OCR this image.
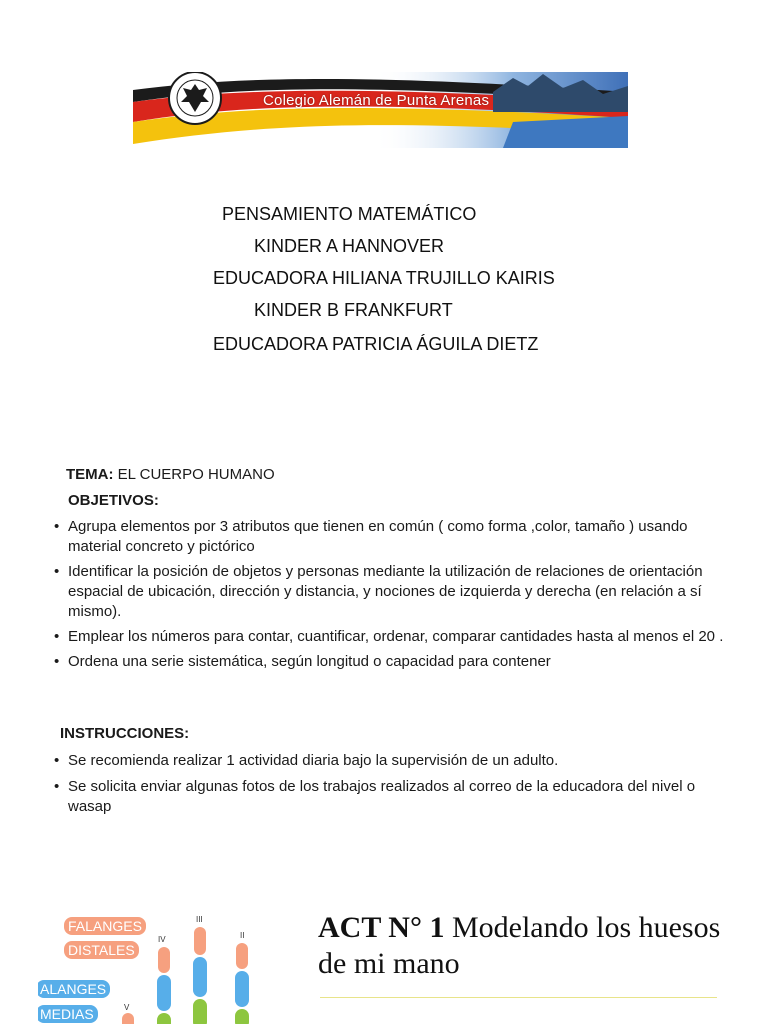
Colegio Alemán de Punta Arenas
PENSAMIENTO MATEMÁTICO
KINDER A HANNOVER
EDUCADORA HILIANA TRUJILLO KAIRIS
KINDER B FRANKFURT
EDUCADORA PATRICIA ÁGUILA DIETZ
TEMA: EL CUERPO HUMANO
OBJETIVOS:
• Agrupa elementos por 3 atributos que tienen en común ( como forma ,color, tamaño ) usando material concreto y pictórico
• Identificar la posición de objetos y personas mediante la utilización de relaciones de orientación espacial de ubicación, dirección y distancia, y nociones de izquierda y derecha (en relación a sí mismo).
• Emplear los números para contar, cuantificar, ordenar, comparar cantidades hasta al menos el 20 .
• Ordena una serie sistemática, según longitud o capacidad para contener
INSTRUCCIONES:
• Se recomienda realizar 1 actividad diaria bajo la supervisión de un adulto.
• Se solicita enviar algunas fotos de los trabajos realizados al correo de la educadora del nivel o wasap
FALANGES
DISTALES
ALANGES
MEDIAS
III
IV	II
V
ACT N° 1 Modelando los huesos de mi mano
